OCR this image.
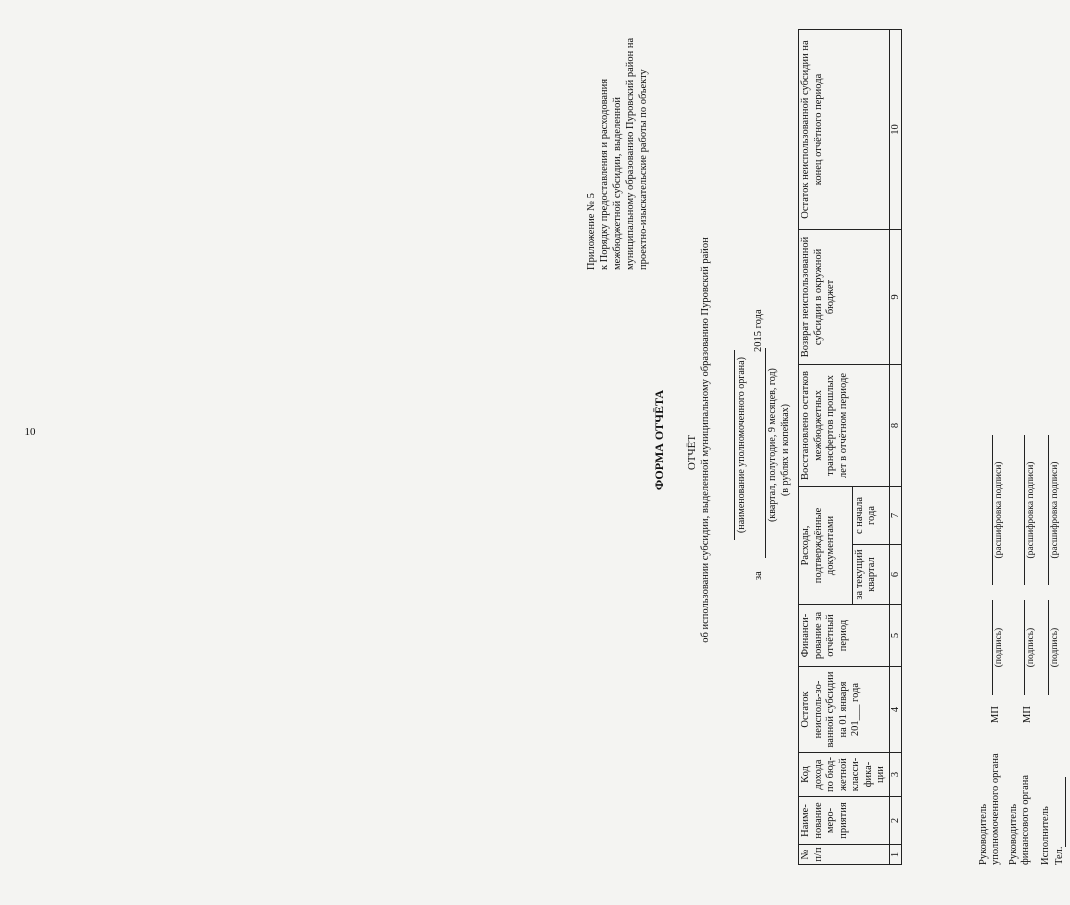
10
Приложение № 5 к Порядку предоставления и расходования межбюджетной субсидии, выделенной муниципальному образованию Пуровский район на проектно-изыскательские работы по объекту
ФОРМА ОТЧЁТА ОТЧЁТ об использовании субсидии, выделенной муниципальному образованию Пуровский район	(наименование уполномоченного органа)
за
2015 года
(квартал, полугодие, 9 месяцев, год) (в рублях и копейках)
№ п/п	Наиме-нование меро-приятия	Код дохода по бюд-жетной класси-фика-ции	Остаток неисполь-зо-ванной субсидии на 01 января 201___ года	Финанси-рование за отчётный период	Расходы, подтверждённые документами		Восстановлено остатков межбюджетных трансфертов прошлых лет в отчётном периоде	Возврат неиспользованной субсидии в окружной бюджет	Остаток неиспользованной субсидии на конец отчётного периода
					за текущий квартал	с начала года			
1	2	3	4	5	6	7	8	9	10
Руководитель уполномоченного органа
МП
(подпись)
(расшифровка подписи)
Руководитель финансового органа
МП
(подпись)
(расшифровка подписи)
Исполнитель
(подпись)
(расшифровка подписи)
Тел.
